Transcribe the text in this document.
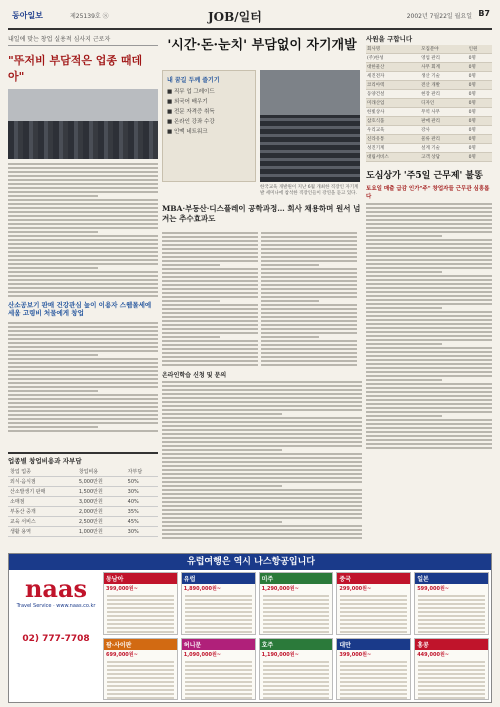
동아일보	제25139호 Ⓢ	JOB/일터	2002년 7월22일 월요일 B7
내일에 맞는 창업 실용적 심사지 근로자
"뚜저비 부담적은 업종 때데아"
산소공보기 판매 건강관심 높이 이용자 스웹몰세에 세움 고령비 처물에게 창업
업종별 창업비용과 자부담
창업 업종	창업비용	자부담
외식·음식점	5,000만원	50%
산소발생기 판매	1,500만원	30%
소매점	3,000만원	40%
부동산 중개	2,000만원	35%
교육 서비스	2,500만원	45%
생활 용역	1,000만원	30%
'시간·돈·눈치' 부담없이 자기개발
내 꿈길 두께 즐기기
■ 직무 업 그레이드
■ 외국어 배우기
■ 전문 자격증 취득
■ 온라인 강좌 수강
■ 인맥 네트워크
한국교육 개발원이 지난 6월 개최한 직장인 자기계발 세미나에 참석한 직장인들이 강연을 듣고 있다.
MBA·부동산·디스플레이 공학과정… 회사 채용하며 원서 넘겨는 추수효과도
온라인학습 신청 및 문의
사원을 구합니다
회사명	모집분야	인원
(주)한성	영업 관리	0명
대한물산	사무 회계	0명
세진전자	생산 기술	0명
코리아텍	전산 개발	0명
동양건설	현장 관리	0명
미래산업	디자인	0명
한빛상사	무역 사무	0명
삼호식품	판매 관리	0명
우리교육	강사	0명
신라유통	물류 관리	0명
성진기계	설계 기술	0명
대림서비스	고객 상담	0명
도심상가 '주5일 근무제' 불똥
토요일 매출 급감 인가"주" 창업자들 근무관 심흥롭다
유럽여행은 역시 나스항공입니다
naas
Travel Service · www.naas.co.kr
02) 777-7708
동남아
399,000원~
유럽
1,890,000원~
미주
1,290,000원~
중국
299,000원~
일본
599,000원~
괌·사이판
699,000원~
허니문
1,090,000원~
호주
1,190,000원~
대만
399,000원~
홍콩
449,000원~
